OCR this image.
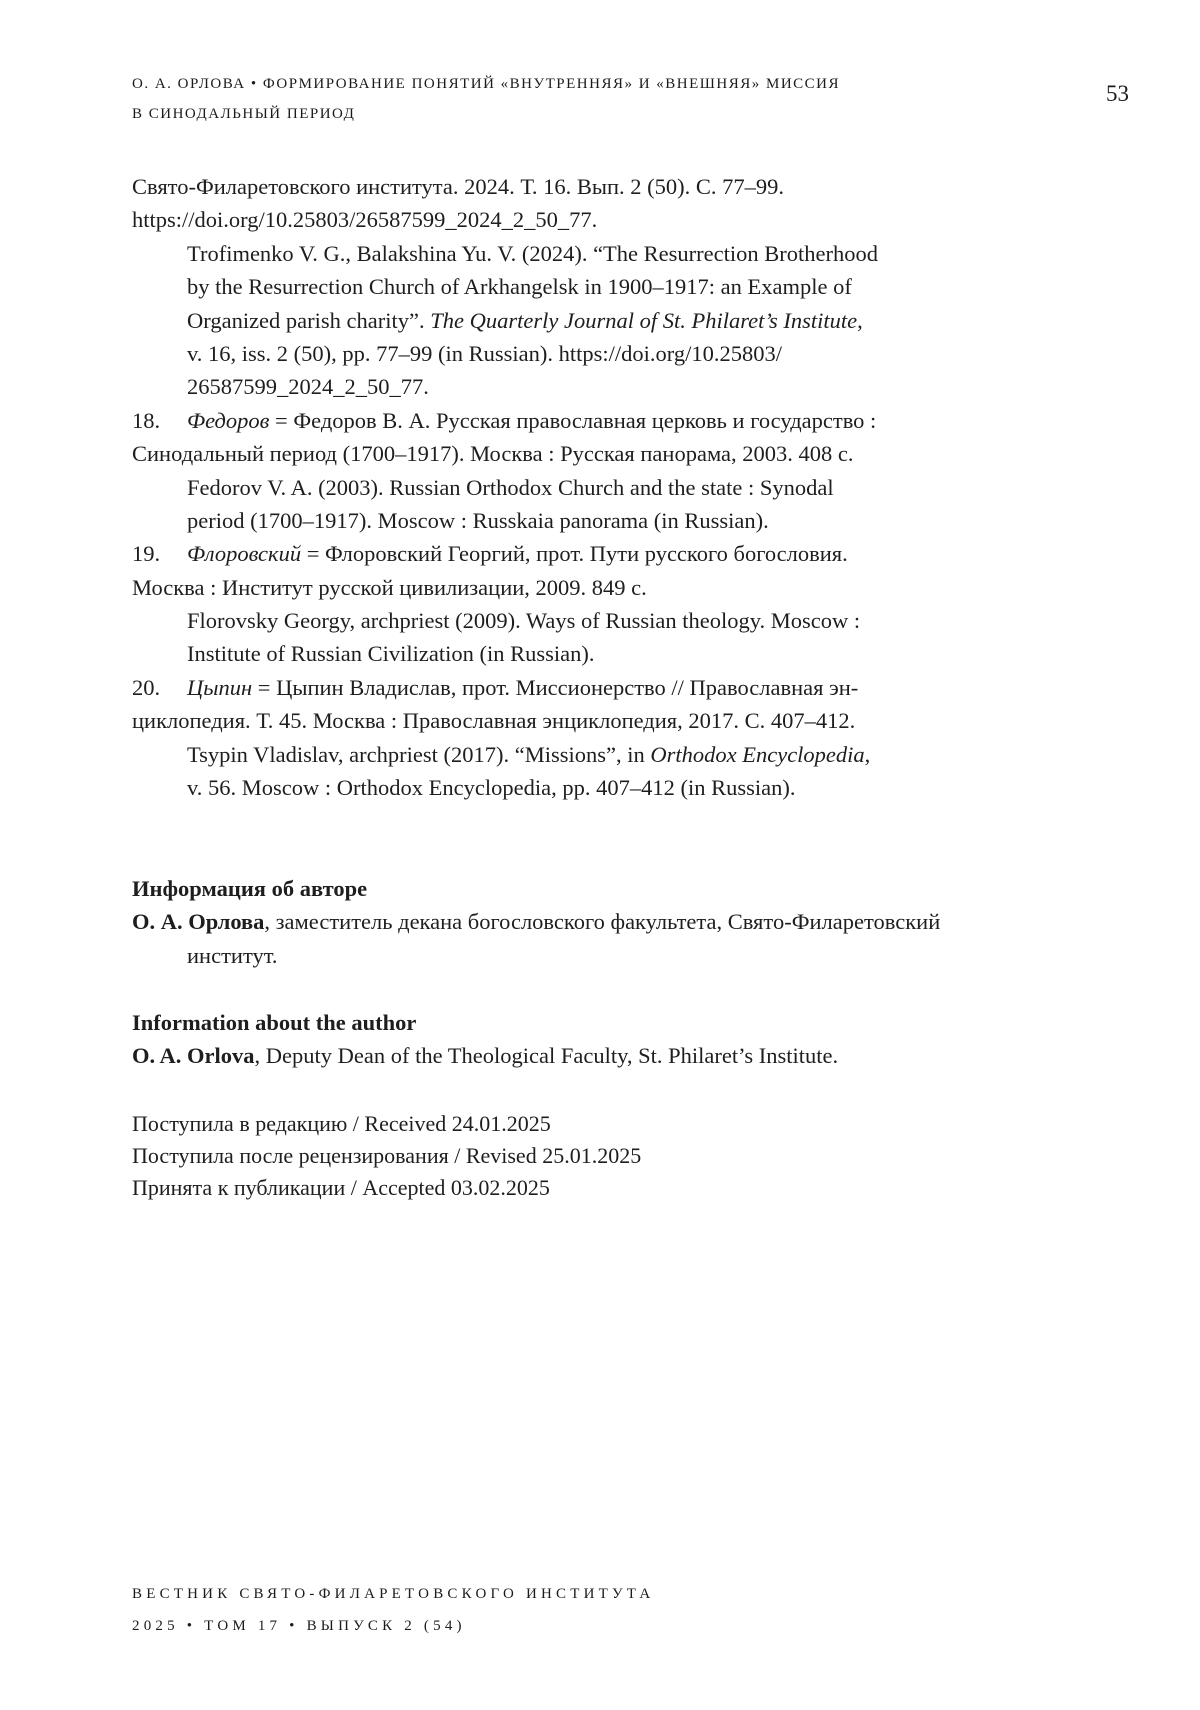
О. А. ОРЛОВА • ФОРМИРОВАНИЕ ПОНЯТИЙ «ВНУТРЕННЯЯ» И «ВНЕШНЯЯ» МИССИЯ
В СИНОДАЛЬНЫЙ ПЕРИОД
53
Свято-Филаретовского института. 2024. Т. 16. Вып. 2 (50). С. 77–99.
https://doi.org/10.25803/26587599_2024_2_50_77.
Trofimenko V. G., Balakshina Yu. V. (2024). “The Resurrection Brotherhood
by the Resurrection Church of Arkhangelsk in 1900–1917: an Example of
Organized parish charity”. The Quarterly Journal of St. Philaret’s Institute,
v. 16, iss. 2 (50), pp. 77–99 (in Russian). https://doi.org/10.25803/
26587599_2024_2_50_77.
18. Федоров = Федоров В. А. Русская православная церковь и государство :
Синодальный период (1700–1917). Москва : Русская панорама, 2003. 408 с.
Fedorov V. A. (2003). Russian Orthodox Church and the state : Synodal
period (1700–1917). Moscow : Russkaia panorama (in Russian).
19. Флоровский = Флоровский Георгий, прот. Пути русского богословия.
Москва : Институт русской цивилизации, 2009. 849 с.
Florovsky Georgy, archpriest (2009). Ways of Russian theology. Moscow :
Institute of Russian Civilization (in Russian).
20. Цыпин = Цыпин Владислав, прот. Миссионерство // Православная эн-
циклопедия. Т. 45. Москва : Православная энциклопедия, 2017. С. 407–412.
Tsypin Vladislav, archpriest (2017). “Missions”, in Orthodox Encyclopedia,
v. 56. Moscow : Orthodox Encyclopedia, pp. 407–412 (in Russian).
Информация об авторе
О. А. Орлова, заместитель декана богословского факультета, Свято-Филаретовский
институт.
Information about the author
O. A. Orlova, Deputy Dean of the Theological Faculty, St. Philaret’s Institute.
Поступила в редакцию / Received 24.01.2025
Поступила после рецензирования / Revised 25.01.2025
Принята к публикации / Accepted 03.02.2025
ВЕСТНИК СВЯТО-ФИЛАРЕТОВСКОГО ИНСТИТУТА
2025 • ТОМ 17 • ВЫПУСК 2 (54)
